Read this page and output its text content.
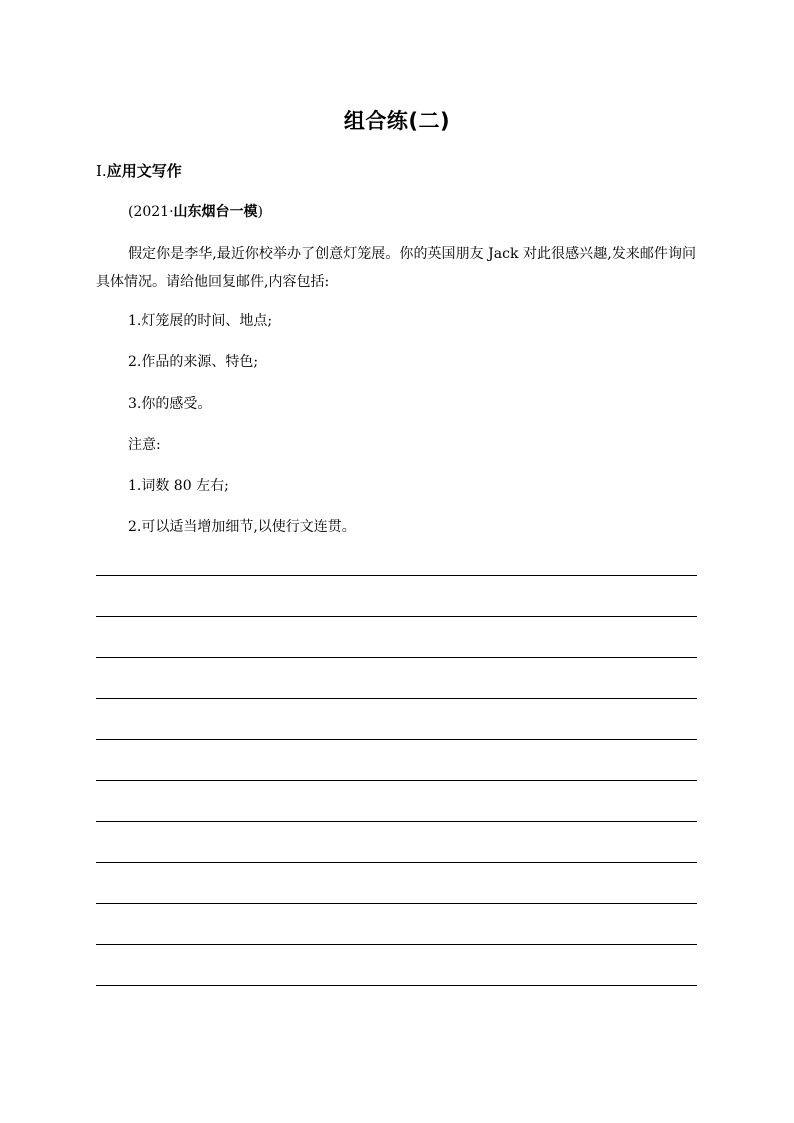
组合练(二)
Ⅰ.应用文写作
(2021·山东烟台一模)
假定你是李华,最近你校举办了创意灯笼展。你的英国朋友 Jack 对此很感兴趣,发来邮件询问具体情况。请给他回复邮件,内容包括:
1.灯笼展的时间、地点;
2.作品的来源、特色;
3.你的感受。
注意:
1.词数 80 左右;
2.可以适当增加细节,以使行文连贯。
